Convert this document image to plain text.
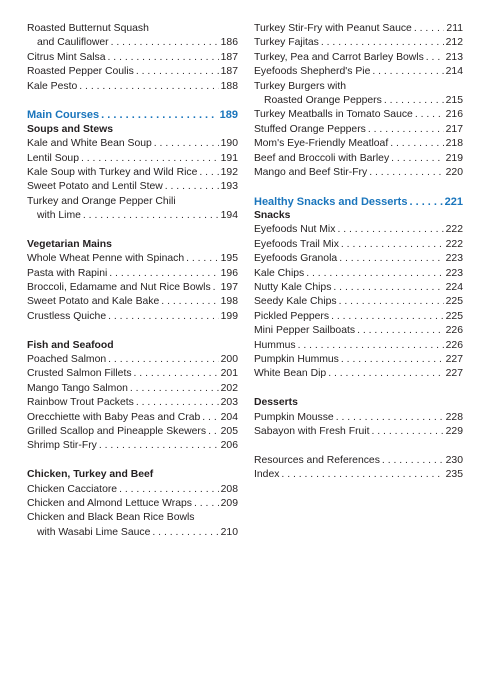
Roasted Butternut Squash
and Cauliflower . . .	186
Citrus Mint Salsa . . .	187
Roasted Pepper Coulis . . .	187
Kale Pesto . . .	188
Main Courses . . .	189
Soups and Stews
Kale and White Bean Soup . . .	190
Lentil Soup . . .	191
Kale Soup with Turkey and Wild Rice . . . 192
Sweet Potato and Lentil Stew . . .	193
Turkey and Orange Pepper Chili
with Lime . . .	194
Vegetarian Mains
Whole Wheat Penne with Spinach . . .	195
Pasta with Rapini . . .	196
Broccoli, Edamame and Nut Rice Bowls . . . 197
Sweet Potato and Kale Bake . . .	198
Crustless Quiche . . .	199
Fish and Seafood
Poached Salmon . . .	200
Crusted Salmon Fillets . . .	201
Mango Tango Salmon . . .	202
Rainbow Trout Packets . . .	203
Orecchiette with Baby Peas and Crab . . . 204
Grilled Scallop and Pineapple Skewers . . . 205
Shrimp Stir-Fry . . .	206
Chicken, Turkey and Beef
Chicken Cacciatore . . .	208
Chicken and Almond Lettuce Wraps . . .	209
Chicken and Black Bean Rice Bowls
with Wasabi Lime Sauce . . .	210
Turkey Stir-Fry with Peanut Sauce . . .	211
Turkey Fajitas . . .	212
Turkey, Pea and Carrot Barley Bowls . . . 213
Eyefoods Shepherd's Pie . . .	214
Turkey Burgers with
Roasted Orange Peppers . . .	215
Turkey Meatballs in Tomato Sauce . . .	216
Stuffed Orange Peppers . . .	217
Mom's Eye-Friendly Meatloaf . . .	218
Beef and Broccoli with Barley . . .	219
Mango and Beef Stir-Fry . . .	220
Healthy Snacks and Desserts . . .	221
Snacks
Eyefoods Nut Mix . . .	222
Eyefoods Trail Mix . . .	222
Eyefoods Granola . . .	223
Kale Chips . . .	223
Nutty Kale Chips . . .	224
Seedy Kale Chips . . .	225
Pickled Peppers . . .	225
Mini Pepper Sailboats . . .	226
Hummus . . .	226
Pumpkin Hummus . . .	227
White Bean Dip . . .	227
Desserts
Pumpkin Mousse . . .	228
Sabayon with Fresh Fruit . . .	229
Resources and References . . .	230
Index . . .	235
